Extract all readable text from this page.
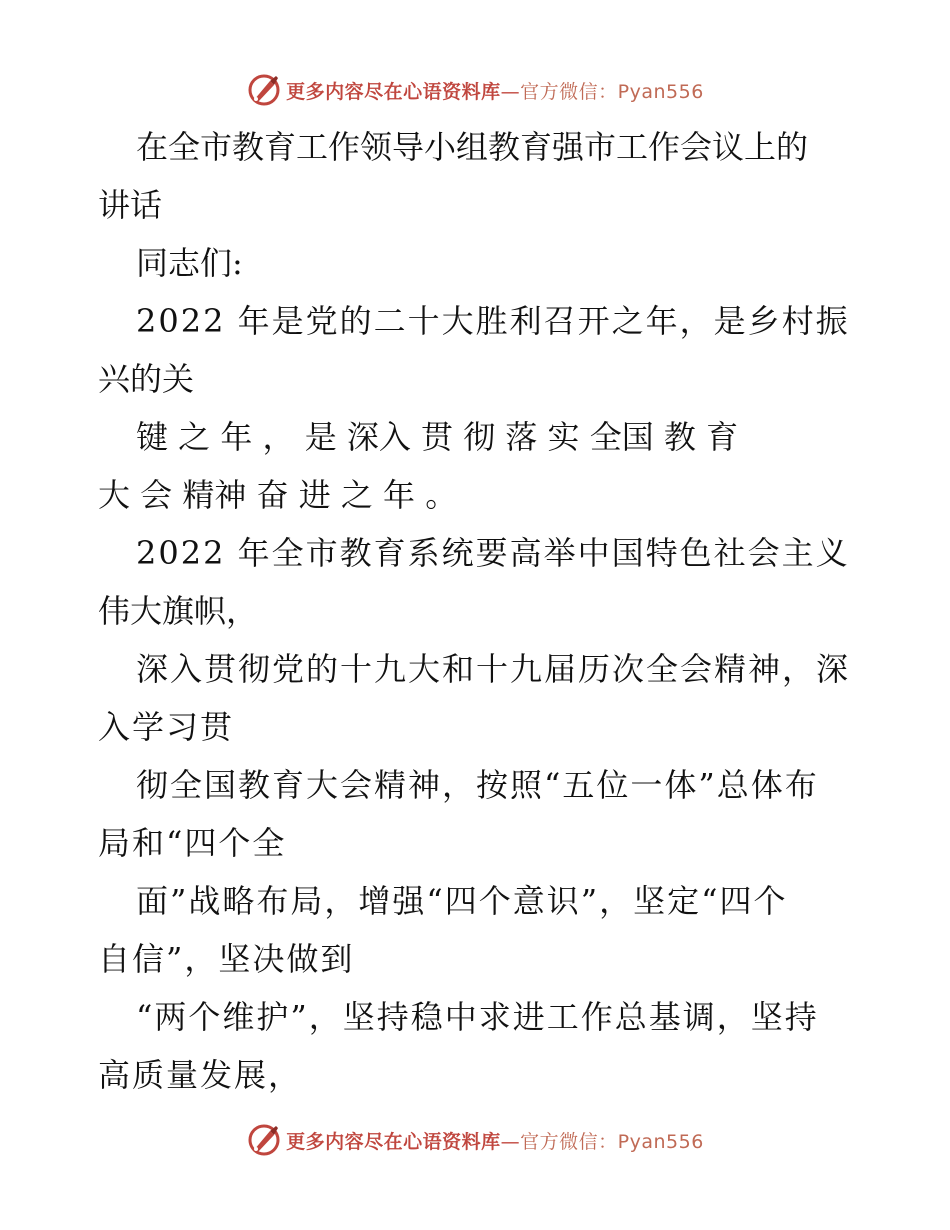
更多内容尽在心语资料库—官方微信：Pyan556
在全市教育工作领导小组教育强市工作会议上的
讲话
同志们:
2022 年是党的二十大胜利召开之年，是乡村振
兴的关
键 之 年 ， 是 深入 贯 彻 落 实 全国 教 育
大 会 精神 奋 进 之 年 。
2022 年全市教育系统要高举中国特色社会主义
伟大旗帜，
深入贯彻党的十九大和十九届历次全会精神，深
入学习贯
彻全国教育大会精神，按照“五位一体”总体布
局和“四个全
面”战略布局，增强“四个意识”，坚定“四个
自信”，坚决做到
“两个维护”，坚持稳中求进工作总基调，坚持
高质量发展，
更多内容尽在心语资料库—官方微信：Pyan556
